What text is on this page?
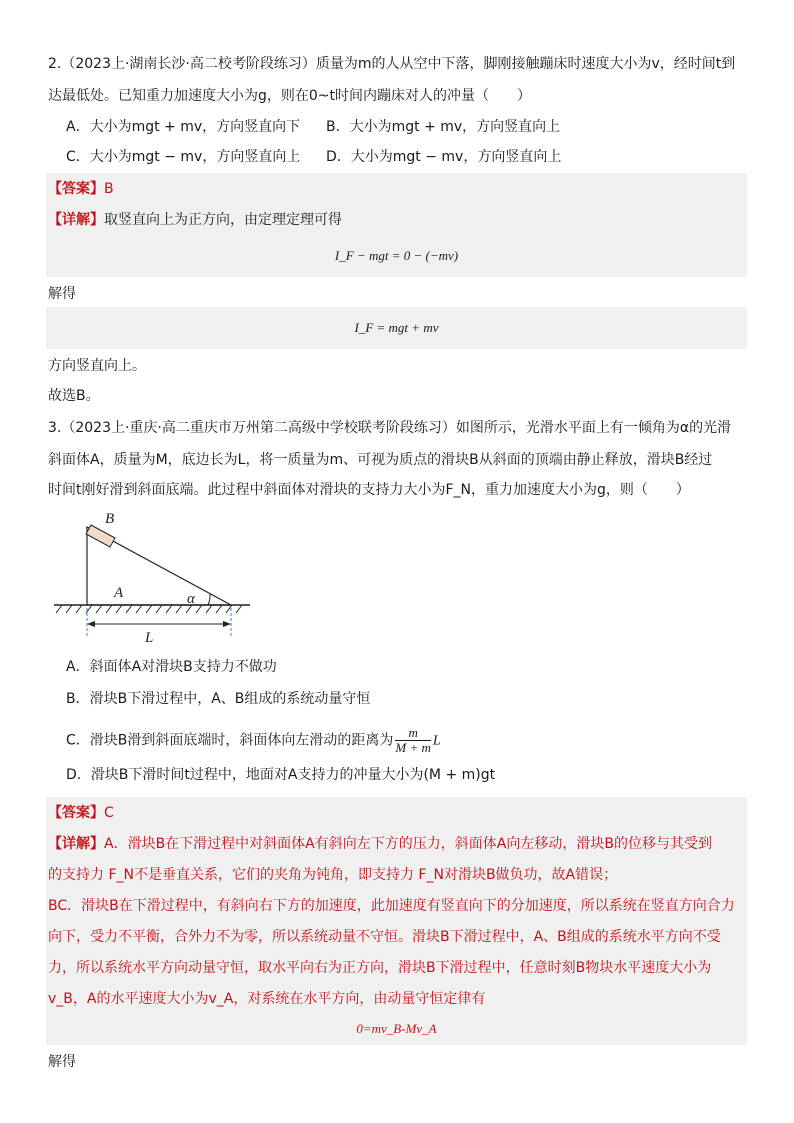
2.（2023上·湖南长沙·高二校考阶段练习）质量为m的人从空中下落，脚刚接触蹦床时速度大小为v，经时间t到
达最低处。已知重力加速度大小为g，则在0~t时间内蹦床对人的冲量（　　）
A．大小为mgt + mv，方向竖直向下 B．大小为mgt + mv，方向竖直向上
C．大小为mgt − mv，方向竖直向上 D．大小为mgt − mv，方向竖直向上
【答案】B
【详解】取竖直向上为正方向，由定理定理可得
I_F − mgt = 0 − (−mv)
解得
I_F = mgt + mv
方向竖直向上。
故选B。
3.（2023上·重庆·高二重庆市万州第二高级中学校联考阶段练习）如图所示，光滑水平面上有一倾角为α的光滑
斜面体A，质量为M，底边长为L，将一质量为m、可视为质点的滑块B从斜面的顶端由静止释放，滑块B经过
时间t刚好滑到斜面底端。此过程中斜面体对滑块的支持力大小为F_N，重力加速度大小为g，则（　　）
B
A	α
L
A．斜面体A对滑块B支持力不做功
B．滑块B下滑过程中，A、B组成的系统动量守恒
C．滑块B滑到斜面底端时，斜面体向左滑动的距离为 $\frac{m}{M + m}$ L
D．滑块B下滑时间t过程中，地面对A支持力的冲量大小为(M + m)gt
【答案】C
【详解】A．滑块B在下滑过程中对斜面体A有斜向左下方的压力，斜面体A向左移动，滑块B的位移与其受到
的支持力 F_N不是垂直关系，它们的夹角为钝角，即支持力 F_N对滑块B做负功，故A错误；
BC．滑块B在下滑过程中，有斜向右下方的加速度，此加速度有竖直向下的分加速度，所以系统在竖直方向合力
向下，受力不平衡，合外力不为零，所以系统动量不守恒。滑块B下滑过程中，A、B组成的系统水平方向不受
力，所以系统水平方向动量守恒，取水平向右为正方向，滑块B下滑过程中，任意时刻B物块水平速度大小为
v_B，A的水平速度大小为v_A，对系统在水平方向，由动量守恒定律有
0=mv_B-Mv_A
解得
